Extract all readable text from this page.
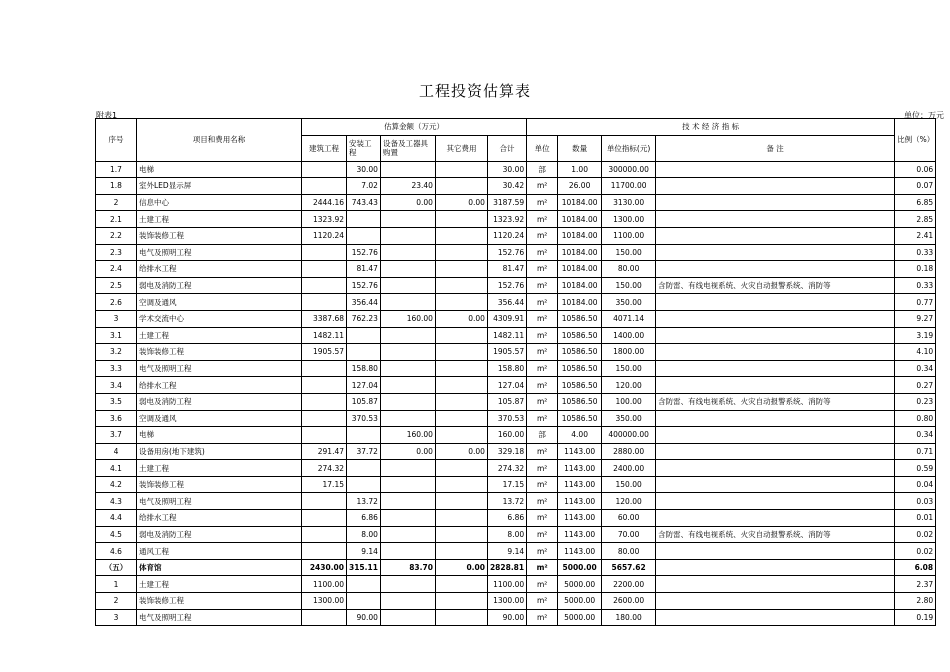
工程投资估算表
附表1	单位：万元
序号	项目和费用名称	估算金额（万元）					技 术 经 济 指 标				比例（%）
		建筑工程	安装工程	设备及工器具购置	其它费用	合计	单位	数量	单位指标(元)	备 注	
1.7	电梯		30.00			30.00	部	1.00	300000.00		0.06
1.8	室外LED显示屏		7.02	23.40		30.42	m²	26.00	11700.00		0.07
2	信息中心	2444.16	743.43	0.00	0.00	3187.59	m²	10184.00	3130.00		6.85
2.1	土建工程	1323.92				1323.92	m²	10184.00	1300.00		2.85
2.2	装饰装修工程	1120.24				1120.24	m²	10184.00	1100.00		2.41
2.3	电气及照明工程		152.76			152.76	m²	10184.00	150.00		0.33
2.4	给排水工程		81.47			81.47	m²	10184.00	80.00		0.18
2.5	弱电及消防工程		152.76			152.76	m²	10184.00	150.00	含防雷、有线电视系统、火灾自动报警系统、消防等	0.33
2.6	空调及通风		356.44			356.44	m²	10184.00	350.00		0.77
3	学术交流中心	3387.68	762.23	160.00	0.00	4309.91	m²	10586.50	4071.14		9.27
3.1	土建工程	1482.11				1482.11	m²	10586.50	1400.00		3.19
3.2	装饰装修工程	1905.57				1905.57	m²	10586.50	1800.00		4.10
3.3	电气及照明工程		158.80			158.80	m²	10586.50	150.00		0.34
3.4	给排水工程		127.04			127.04	m²	10586.50	120.00		0.27
3.5	弱电及消防工程		105.87			105.87	m²	10586.50	100.00	含防雷、有线电视系统、火灾自动报警系统、消防等	0.23
3.6	空调及通风		370.53			370.53	m²	10586.50	350.00		0.80
3.7	电梯			160.00		160.00	部	4.00	400000.00		0.34
4	设备用房(地下建筑)	291.47	37.72	0.00	0.00	329.18	m²	1143.00	2880.00		0.71
4.1	土建工程	274.32				274.32	m²	1143.00	2400.00		0.59
4.2	装饰装修工程	17.15				17.15	m²	1143.00	150.00		0.04
4.3	电气及照明工程		13.72			13.72	m²	1143.00	120.00		0.03
4.4	给排水工程		6.86			6.86	m²	1143.00	60.00		0.01
4.5	弱电及消防工程		8.00			8.00	m²	1143.00	70.00	含防雷、有线电视系统、火灾自动报警系统、消防等	0.02
4.6	通风工程		9.14			9.14	m²	1143.00	80.00		0.02
（五）	体育馆	2430.00	315.11	83.70	0.00	2828.81	m²	5000.00	5657.62		6.08
1	土建工程	1100.00				1100.00	m²	5000.00	2200.00		2.37
2	装饰装修工程	1300.00				1300.00	m²	5000.00	2600.00		2.80
3	电气及照明工程		90.00			90.00	m²	5000.00	180.00		0.19
